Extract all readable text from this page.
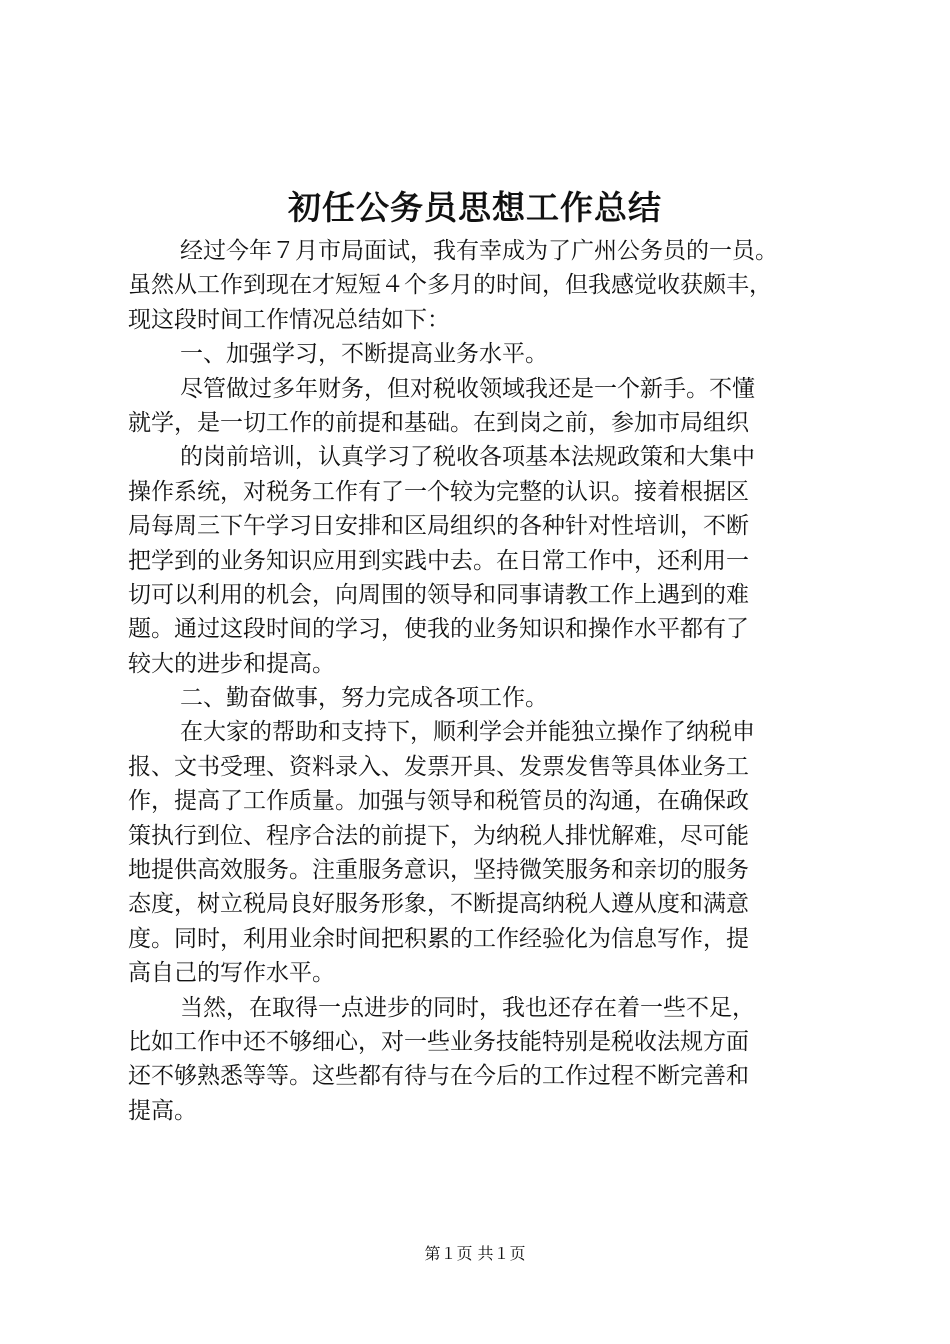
初任公务员思想工作总结
经过今年７月市局面试，我有幸成为了广州公务员的一员。
虽然从工作到现在才短短４个多月的时间，但我感觉收获颇丰，
现这段时间工作情况总结如下：
一、加强学习，不断提高业务水平。
尽管做过多年财务，但对税收领域我还是一个新手。不懂
就学，是一切工作的前提和基础。在到岗之前，参加市局组织
的岗前培训，认真学习了税收各项基本法规政策和大集中
操作系统，对税务工作有了一个较为完整的认识。接着根据区
局每周三下午学习日安排和区局组织的各种针对性培训，不断
把学到的业务知识应用到实践中去。在日常工作中，还利用一
切可以利用的机会，向周围的领导和同事请教工作上遇到的难
题。通过这段时间的学习，使我的业务知识和操作水平都有了
较大的进步和提高。
二、勤奋做事，努力完成各项工作。
在大家的帮助和支持下，顺利学会并能独立操作了纳税申
报、文书受理、资料录入、发票开具、发票发售等具体业务工
作，提高了工作质量。加强与领导和税管员的沟通，在确保政
策执行到位、程序合法的前提下，为纳税人排忧解难，尽可能
地提供高效服务。注重服务意识，坚持微笑服务和亲切的服务
态度，树立税局良好服务形象，不断提高纳税人遵从度和满意
度。同时，利用业余时间把积累的工作经验化为信息写作，提
高自己的写作水平。
当然，在取得一点进步的同时，我也还存在着一些不足，
比如工作中还不够细心，对一些业务技能特别是税收法规方面
还不够熟悉等等。这些都有待与在今后的工作过程不断完善和
提高。
第１页 共１页
